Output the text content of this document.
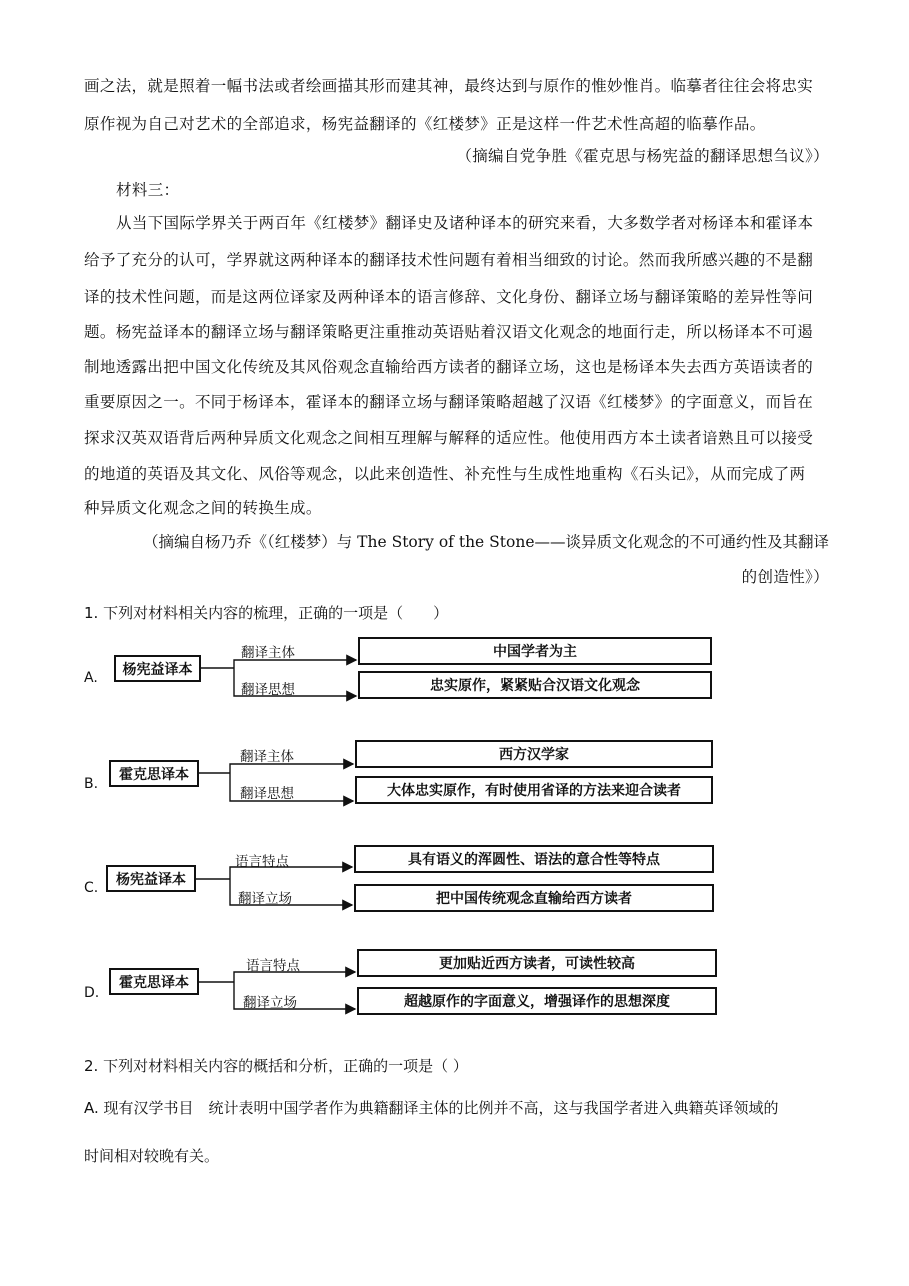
画之法，就是照着一幅书法或者绘画描其形而建其神，最终达到与原作的惟妙惟肖。临摹者往往会将忠实
原作视为自己对艺术的全部追求，杨宪益翻译的《红楼梦》正是这样一件艺术性高超的临摹作品。
（摘编自党争胜《霍克思与杨宪益的翻译思想刍议》）
材料三：
从当下国际学界关于两百年《红楼梦》翻译史及诸种译本的研究来看，大多数学者对杨译本和霍译本
给予了充分的认可，学界就这两种译本的翻译技术性问题有着相当细致的讨论。然而我所感兴趣的不是翻
译的技术性问题，而是这两位译家及两种译本的语言修辞、文化身份、翻译立场与翻译策略的差异性等问
题。杨宪益译本的翻译立场与翻译策略更注重推动英语贴着汉语文化观念的地面行走，所以杨译本不可遏
制地透露出把中国文化传统及其风俗观念直输给西方读者的翻译立场，这也是杨译本失去西方英语读者的
重要原因之一。不同于杨译本，霍译本的翻译立场与翻译策略超越了汉语《红楼梦》的字面意义，而旨在
探求汉英双语背后两种异质文化观念之间相互理解与解释的适应性。他使用西方本土读者谙熟且可以接受
的地道的英语及其文化、风俗等观念，以此来创造性、补充性与生成性地重构《石头记》，从而完成了两
种异质文化观念之间的转换生成。
（摘编自杨乃乔《（红楼梦）与 The Story of the Stone——谈异质文化观念的不可通约性及其翻译
的创造性》）
1. 下列对材料相关内容的梳理，正确的一项是（　　）
A.
杨宪益译本
翻译主体
翻译思想
中国学者为主
忠实原作，紧紧贴合汉语文化观念
B.
霍克思译本
翻译主体
翻译思想
西方汉学家
大体忠实原作，有时使用省译的方法来迎合读者
C.
杨宪益译本
语言特点
翻译立场
具有语义的浑圆性、语法的意合性等特点
把中国传统观念直输给西方读者
D.
霍克思译本
语言特点
翻译立场
更加贴近西方读者，可读性较高
超越原作的字面意义，增强译作的思想深度
2. 下列对材料相关内容的概括和分析，正确的一项是（ ）
A. 现有汉学书目　统计表明中国学者作为典籍翻译主体的比例并不高，这与我国学者进入典籍英译领域的
时间相对较晚有关。
